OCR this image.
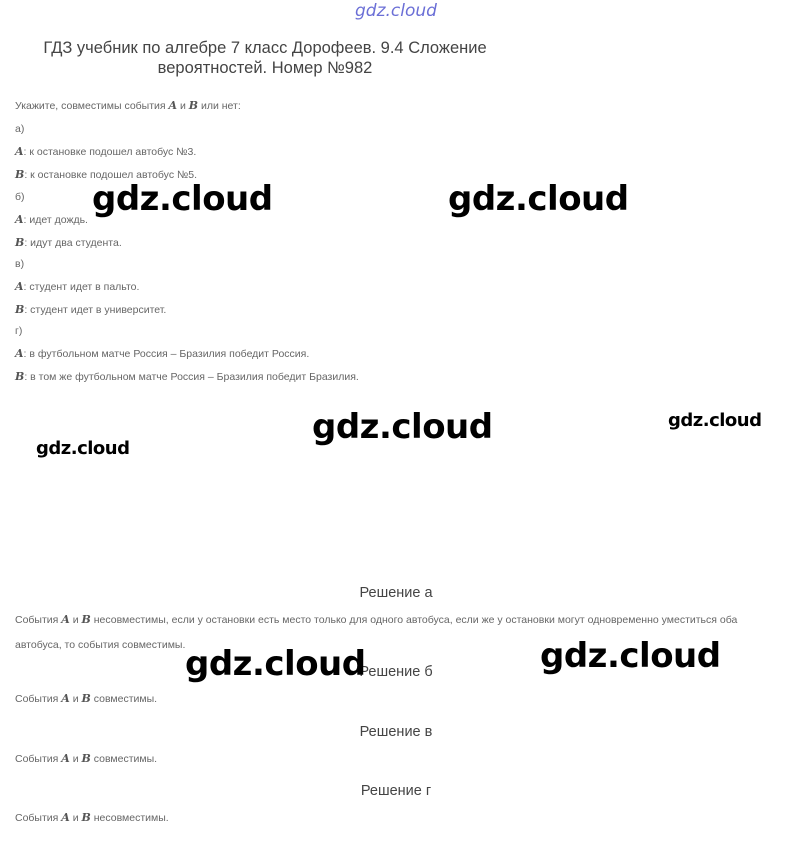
gdz.cloud
ГДЗ учебник по алгебре 7 класс Дорофеев. 9.4 Сложение
вероятностей. Номер №982
Укажите, совместимы события A и B или нет:
а)
A: к остановке подошел автобус №3.
B: к остановке подошел автобус №5.
б)
A: идет дождь.
B: идут два студента.
в)
A: студент идет в пальто.
B: студент идет в университет.
г)
A: в футбольном матче Россия – Бразилия победит Россия.
B: в том же футбольном матче Россия – Бразилия победит Бразилия.
Решение а
События A и B несовместимы, если у остановки есть место только для одного автобуса, если же у остановки могут одновременно уместиться оба автобуса, то события совместимы.
Решение б
События A и B совместимы.
Решение в
События A и B совместимы.
Решение г
События A и B несовместимы.
gdz.cloud	gdz.cloud
gdz.cloud	gdz.cloud
gdz.cloud
gdz.cloud	gdz.cloud
